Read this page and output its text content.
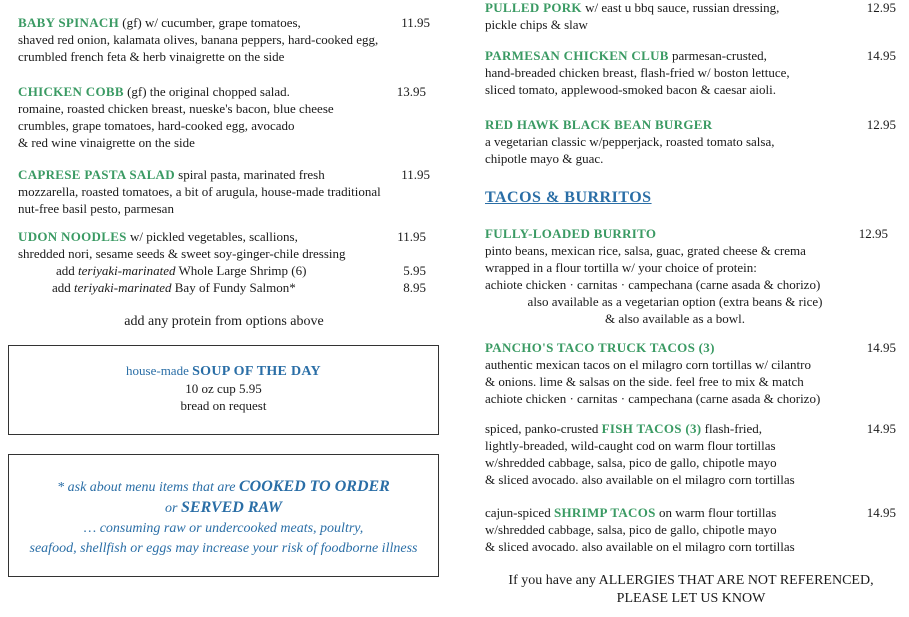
BABY SPINACH (gf) w/ cucumber, grape tomatoes,	11.95
shaved red onion, kalamata olives, banana peppers, hard-cooked egg,
crumbled french feta & herb vinaigrette on the side
CHICKEN COBB (gf) the original chopped salad.	13.95
romaine, roasted chicken breast, nueske's bacon, blue cheese
crumbles, grape tomatoes, hard-cooked egg, avocado
& red wine vinaigrette on the side
CAPRESE PASTA SALAD spiral pasta, marinated fresh	11.95
mozzarella, roasted tomatoes, a bit of arugula, house-made traditional
nut-free basil pesto, parmesan
UDON NOODLES w/ pickled vegetables, scallions,	11.95
shredded nori, sesame seeds & sweet soy-ginger-chile dressing
add teriyaki-marinated Whole Large Shrimp (6)	5.95
add teriyaki-marinated Bay of Fundy Salmon*	8.95
add any protein from options above
house-made SOUP OF THE DAY
10 oz cup 5.95
bread on request
* ask about menu items that are COOKED TO ORDER
or SERVED RAW
… consuming raw or undercooked meats, poultry,
seafood, shellfish or eggs may increase your risk of foodborne illness
PULLED PORK w/ east u bbq sauce, russian dressing,	12.95
pickle chips & slaw
PARMESAN CHICKEN CLUB parmesan-crusted,	14.95
hand-breaded chicken breast, flash-fried w/ boston lettuce,
sliced tomato, applewood-smoked bacon & caesar aioli.
RED HAWK BLACK BEAN BURGER	12.95
a vegetarian classic w/pepperjack, roasted tomato salsa,
chipotle mayo & guac.
TACOS & BURRITOS
FULLY-LOADED BURRITO	12.95
pinto beans, mexican rice, salsa, guac, grated cheese & crema
wrapped in a flour tortilla w/ your choice of protein:
achiote chicken · carnitas · campechana (carne asada & chorizo)
also available as a vegetarian option (extra beans & rice)
& also available as a bowl.
PANCHO'S TACO TRUCK TACOS (3)	14.95
authentic mexican tacos on el milagro corn tortillas w/ cilantro
& onions. lime & salsas on the side. feel free to mix & match
achiote chicken · carnitas · campechana (carne asada & chorizo)
spiced, panko-crusted FISH TACOS (3) flash-fried,	14.95
lightly-breaded, wild-caught cod on warm flour tortillas
w/shredded cabbage, salsa, pico de gallo, chipotle mayo
& sliced avocado. also available on el milagro corn tortillas
cajun-spiced SHRIMP TACOS on warm flour tortillas	14.95
w/shredded cabbage, salsa, pico de gallo, chipotle mayo
& sliced avocado. also available on el milagro corn tortillas
If you have any ALLERGIES THAT ARE NOT REFERENCED,
PLEASE LET US KNOW
